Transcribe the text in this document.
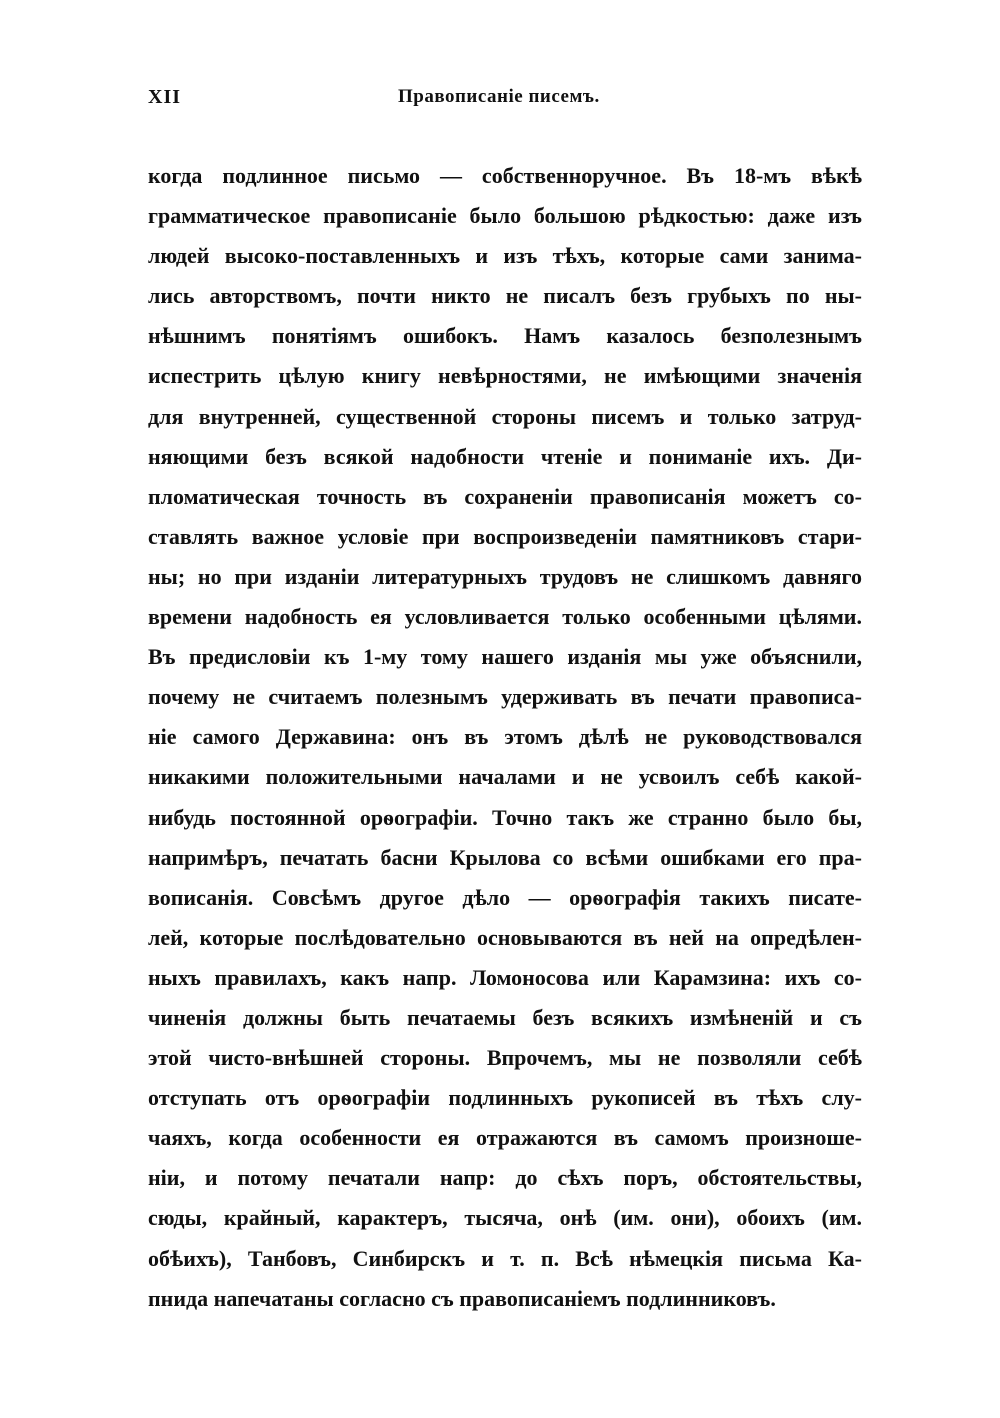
XII	Правописаніе писемъ.
когда подлинное письмо — собственноручное. Въ 18-мъ вѣкѣ
грамматическое правописаніе было большою рѣдкостью: даже изъ
людей высоко-поставленныхъ и изъ тѣхъ, которые сами занима-
лись авторствомъ, почти никто не писалъ безъ грубыхъ по ны-
нѣшнимъ понятіямъ ошибокъ. Намъ казалось безполезнымъ
испестрить цѣлую книгу невѣрностями, не имѣющими значенія
для внутренней, существенной стороны писемъ и только затруд-
няющими безъ всякой надобности чтеніе и пониманіе ихъ. Ди-
пломатическая точность въ сохраненіи правописанія можетъ со-
ставлять важное условіе при воспроизведеніи памятниковъ стари-
ны; но при изданіи литературныхъ трудовъ не слишкомъ давняго
времени надобность ея условливается только особенными цѣлями.
Въ предисловіи къ 1-му тому нашего изданія мы уже объяснили,
почему не считаемъ полезнымъ удерживать въ печати правописа-
ніе самого Державина: онъ въ этомъ дѣлѣ не руководствовался
никакими положительными началами и не усвоилъ себѣ какой-
нибудь постоянной орѳографіи. Точно такъ же странно было бы,
напримѣръ, печатать басни Крылова со всѣми ошибками его пра-
вописанія. Совсѣмъ другое дѣло — орѳографія такихъ писате-
лей, которые послѣдовательно основываются въ ней на опредѣлен-
ныхъ правилахъ, какъ напр. Ломоносова или Карамзина: ихъ со-
чиненія должны быть печатаемы безъ всякихъ измѣненій и съ
этой чисто-внѣшней стороны. Впрочемъ, мы не позволяли себѣ
отступать отъ орѳографіи подлинныхъ рукописей въ тѣхъ слу-
чаяхъ, когда особенности ея отражаются въ самомъ произноше-
ніи, и потому печатали напр: до сѣхъ поръ, обстоятельствы,
сюды, крайный, карактеръ, тысяча, онѣ (им. они), обоихъ (им.
обѣихъ), Танбовъ, Синбирскъ и т. п. Всѣ нѣмецкія письма Ка-
пнида напечатаны согласно съ правописаніемъ подлинниковъ.
